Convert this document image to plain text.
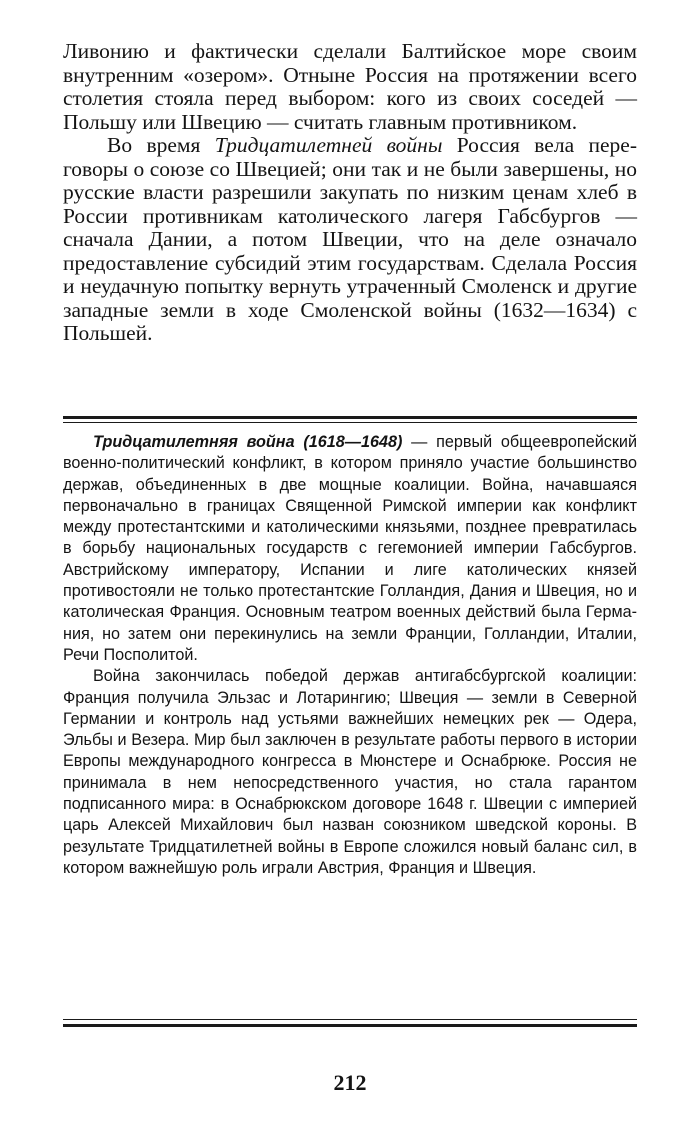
Ливонию и фактически сделали Балтийское море своим внутренним «озером». Отныне Россия на протяжении всего столетия стояла перед выбором: кого из своих соседей — Польшу или Швецию — считать главным противником.

Во время Тридцатилетней войны Россия вела переговоры о союзе со Швецией; они так и не были завершены, но русские власти разрешили закупать по низким ценам хлеб в России противникам католического лагеря Габсбургов — сначала Дании, а потом Швеции, что на деле означало предоставление субсидий этим государствам. Сделала Россия и неудачную попытку вернуть утраченный Смоленск и другие западные земли в ходе Смоленской войны (1632—1634) с Польшей.

Тридцатилетняя война (1618—1648) — первый общеевропейский военно-политический конфликт, в котором приняло участие большинство держав, объединенных в две мощные коалиции. Война, начавшаяся первоначально в границах Священной Римской империи как конфликт между протестантскими и католическими князьями, позднее превратилась в борьбу национальных государств с гегемонией империи Габсбургов. Австрийскому императору, Испании и лиге католических князей противостояли не только протестантские Голландия, Дания и Швеция, но и католическая Франция. Основным театром военных действий была Германия, но затем они перекинулись на земли Франции, Голландии, Италии, Речи Посполитой.

Война закончилась победой держав антигабсбургской коалиции: Франция получила Эльзас и Лотарингию; Швеция — земли в Северной Германии и контроль над устьями важнейших немецких рек — Одера, Эльбы и Везера. Мир был заключен в результате работы первого в истории Европы международного конгресса в Мюнстере и Оснабрюке. Россия не принимала в нем непосредственного участия, но стала гарантом подписанного мира: в Оснабрюкском договоре 1648 г. Швеции с империей царь Алексей Михайлович был назван союзником шведской короны. В результате Тридцатилетней войны в Европе сложился новый баланс сил, в котором важнейшую роль играли Австрия, Франция и Швеция.

212
